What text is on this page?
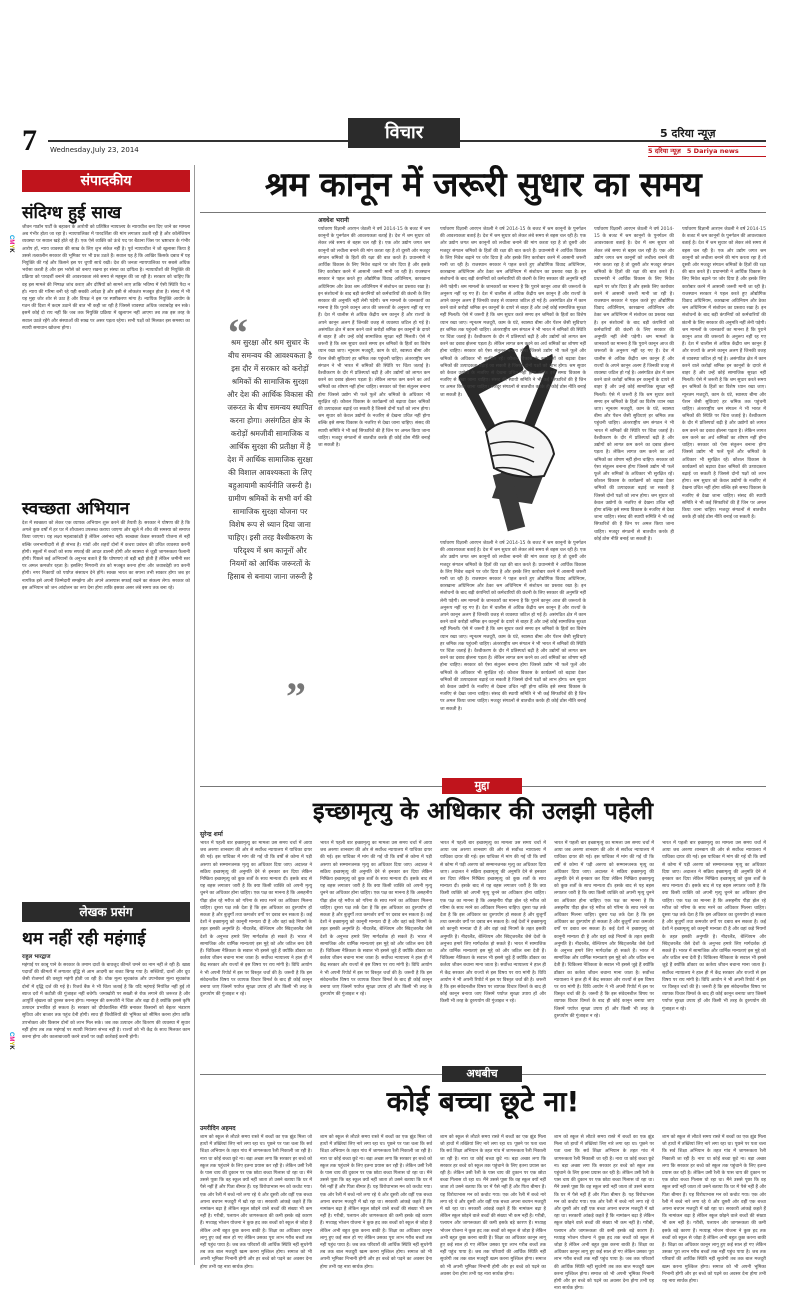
7 Wednesday,July 23, 2014
विचार	5 दरिया न्यूज़
5 दरिया न्यूज़ 5 Dariya news
संपादकीय
संदिग्ध हुई साख
जीवन गाडॉन पार्टी के बहाकर के आरोपी को प्रतिष्ठित न्यायालय के न्यायधीश बना दिए जाने का मामला अब गंभीर होता जा रहा है। न्यायपालिका में पारदर्शिता की मांग लगातार उठती रही है और कॉलेजियम व्यवस्था पर सवाल खड़े होते रहे हैं। एक ऐसे व्यक्ति को ऊंचे पद पर बैठाना जिस पर भ्रष्टाचार के गंभीर आरोप हों, न्याय व्यवस्था की साख के लिए शुभ संकेत नहीं है। पूर्व न्यायाधीश ने जो खुलासा किया है उससे तत्कालीन सरकार की भूमिका पर भी प्रश्न उठते हैं। सवाल यह है कि आखिर किसके दबाव में यह नियुक्ति की गई और किसने इस पर चुप्पी साधे रखी। देश की जनता न्यायपालिका पर सबसे अधिक भरोसा करती है और इस भरोसे को बनाए रखना हर संस्था का दायित्व है। न्यायाधीशों की नियुक्ति की प्रक्रिया को पारदर्शी बनाने की आवश्यकता लंबे समय से महसूस की जा रही है। सरकार को चाहिए कि वह इस मामले की निष्पक्ष जांच कराए और दोषियों को सामने लाए ताकि भविष्य में ऐसी स्थिति पैदा न हो। न्याय की गरिमा बनी रहे यही सबकी अपेक्षा है और इसी से लोकतंत्र मजबूत होता है। संसद में भी यह मुद्दा जोर शोर से उठा है और विपक्ष ने इस पर स्पष्टीकरण मांगा है। न्यायिक नियुक्ति आयोग के गठन की दिशा में कदम उठाने की बात भी कही जा रही है जिससे व्यवस्था अधिक जवाबदेह बन सके। इसमें कोई दो राय नहीं कि जब तक नियुक्ति प्रक्रिया में खुलापन नहीं आएगा तब तक इस तरह के सवाल उठते रहेंगे और संस्थाओं की साख पर असर पड़ता रहेगा। सभी पक्षों को मिलकर इस समस्या का स्थायी समाधान खोजना होगा।
स्वच्छता अभियान
देश में स्वच्छता को लेकर एक व्यापक अभियान शुरू करने की तैयारी है। सरकार ने घोषणा की है कि अगले कुछ वर्षों में हर घर में शौचालय उपलब्ध कराया जाएगा और खुले में शौच की समस्या को समाप्त किया जाएगा। यह लक्ष्य महत्वाकांक्षी है लेकिन असंभव नहीं। स्वच्छता केवल सरकारी योजना से नहीं बल्कि जनभागीदारी से ही संभव है। गांवों और शहरों दोनों में कचरा प्रबंधन की उचित व्यवस्था करनी होगी। स्कूलों में बच्चों को साफ सफाई की आदत डालनी होगी और स्वास्थ्य से जुड़ी जागरूकता फैलानी होगी। पिछले कई अभियानों के अनुभव बताते हैं कि घोषणाएं तो बड़ी बड़ी होती हैं लेकिन जमीनी स्तर पर अमल कमजोर रहता है। इसलिए निगरानी तंत्र को मजबूत करना होगा और जवाबदेही तय करनी होगी। नगर निकायों को पर्याप्त संसाधन देने होंगे। स्वच्छ भारत का सपना तभी साकार होगा जब हर नागरिक इसे अपनी जिम्मेदारी समझेगा और अपने आसपास सफाई रखने का संकल्प लेगा। सरकार को इस अभियान को जन आंदोलन का रूप देना होगा ताकि इसका असर लंबे समय तक बना रहे।
लेखक प्रसंग
थम नहीं रही महंगाई
राहुल भारद्वाज
महंगाई पर काबू पाने के सरकार के तमाम दावों के बावजूद कीमतें थमने का नाम नहीं ले रही हैं। खाद्य पदार्थों की कीमतों में लगातार वृद्धि से आम आदमी का बजट बिगड़ गया है। सब्जियों, दालों और दूध जैसी रोजमर्रा की वस्तुएं महंगी होती जा रही हैं। थोक मूल्य सूचकांक और उपभोक्ता मूल्य सूचकांक दोनों में वृद्धि दर्ज की गई है। रिजर्व बैंक ने भी चिंता जताई है कि यदि महंगाई नियंत्रित नहीं हुई तो ब्याज दरों में कटौती की गुंजाइश नहीं बचेगी। जमाखोरी पर सख्ती से रोक लगाने की जरूरत है और आपूर्ति श्रृंखला को दुरुस्त करना होगा। मानसून की कमजोरी ने चिंता और बढ़ा दी है क्योंकि इससे कृषि उत्पादन प्रभावित हो सकता है। सरकार को दीर्घकालिक नीति बनाकर किसानों को बेहतर भंडारण सुविधा और बाजार तक पहुंच देनी होगी। साथ ही बिचौलियों की भूमिका को सीमित करना होगा ताकि उपभोक्ता और किसान दोनों को लाभ मिल सके। जब तक उत्पादन और वितरण की व्यवस्था में सुधार नहीं होगा तब तक महंगाई पर स्थायी नियंत्रण संभव नहीं है। राज्यों को भी केंद्र के साथ मिलकर काम करना होगा और कालाबाजारी करने वालों पर कड़ी कार्रवाई करनी होगी।
CMYK
CMYK
श्रम कानून में जरूरी सुधार का समय
अवधेश भरानी
“
श्रम सुरक्षा और श्रम सुधार के बीच समन्वय की आवश्यकता है इस दौर में सरकार को करोड़ों श्रमिकों की सामाजिक सुरक्षा और देश की आर्थिक विकास की जरूरत के बीच समन्वय स्थापित करना होगा। असंगठित क्षेत्र के करोड़ों श्रमजीवी सामाजिक व आर्थिक सुरक्षा की प्रतीक्षा में है देश में आर्थिक सामाजिक सुरक्षा की विशाल आवश्यकता के लिए बहुआयामी कार्यनीति जरूरी है। ग्रामीण श्रमिकों के सभी वर्ग की सामाजिक सुरक्षा योजना पर विशेष रूप से ध्यान दिया जाना चाहिए। इसी तरह वैश्वीकरण के परिदृश्य में श्रम कानूनों और नियमों को आर्थिक जरूरतों के हिसाब से बनाया जाना जरूरी है
”
पर्यावरण विज्ञानी आरएन जेठली ने वर्ष 2014-15 के बजट में श्रम कानूनों के पुनर्गठन की आवश्यकता बताई है। देश में श्रम सुधार को लेकर लंबे समय से बहस चल रही है। एक ओर उद्योग जगत श्रम कानूनों को लचीला बनाने की मांग करता रहा है तो दूसरी ओर मजदूर संगठन श्रमिकों के हितों की रक्षा की बात करते हैं। प्रधानमंत्री ने आर्थिक विकास के लिए निवेश बढ़ाने पर जोर दिया है और इसके लिए कारोबार करने में आसानी जरूरी मानी जा रही है। राजस्थान सरकार ने पहल करते हुए औद्योगिक विवाद अधिनियम, कारखाना अधिनियम और ठेका श्रम अधिनियम में संशोधन का प्रस्ताव रखा है। इन संशोधनों के बाद बड़ी कंपनियों को कर्मचारियों की छंटनी के लिए सरकार की अनुमति नहीं लेनी पड़ेगी। श्रम मामलों के जानकारों का मानना है कि पुराने कानून आज की जरूरतों के अनुरूप नहीं रह गए हैं। देश में चालीस से अधिक केंद्रीय श्रम कानून हैं और राज्यों के अपने कानून अलग हैं जिनकी वजह से व्यवस्था जटिल हो गई है। असंगठित क्षेत्र में काम करने वाले करोड़ों श्रमिक इन कानूनों के दायरे से बाहर हैं और उन्हें कोई सामाजिक सुरक्षा नहीं मिलती। ऐसे में जरूरी है कि श्रम सुधार करते समय इन श्रमिकों के हितों का विशेष ध्यान रखा जाए। न्यूनतम मजदूरी, काम के घंटे, स्वास्थ्य बीमा और पेंशन जैसी सुविधाएं हर श्रमिक तक पहुंचनी चाहिए। अंतरराष्ट्रीय श्रम संगठन ने भी भारत में श्रमिकों की स्थिति पर चिंता जताई है। वैश्वीकरण के दौर में प्रतिस्पर्धा बढ़ी है और उद्योगों को लागत कम करने का दबाव झेलना पड़ता है। लेकिन लागत कम करने का अर्थ श्रमिकों का शोषण नहीं होना चाहिए। सरकार को ऐसा संतुलन बनाना होगा जिससे उद्योग भी फलें फूलें और श्रमिकों के अधिकार भी सुरक्षित रहें। कौशल विकास के कार्यक्रमों को बढ़ावा देकर श्रमिकों की उत्पादकता बढ़ाई जा सकती है जिससे दोनों पक्षों को लाभ होगा। श्रम सुधार को केवल उद्योगों के नजरिए से देखना उचित नहीं होगा बल्कि इसे समग्र विकास के नजरिए से देखा जाना चाहिए। संसद की स्थायी समिति ने भी कई सिफारिशें की हैं जिन पर अमल किया जाना चाहिए। मजदूर संगठनों से बातचीत करके ही कोई ठोस नीति बनाई जा सकती है।
पर्यावरण विज्ञानी आरएन जेठली ने वर्ष 2014-15 के बजट में श्रम कानूनों के पुनर्गठन की आवश्यकता बताई है। देश में श्रम सुधार को लेकर लंबे समय से बहस चल रही है। एक ओर उद्योग जगत श्रम कानूनों को लचीला बनाने की मांग करता रहा है तो दूसरी ओर मजदूर संगठन श्रमिकों के हितों की रक्षा की बात करते हैं। प्रधानमंत्री ने आर्थिक विकास के लिए निवेश बढ़ाने पर जोर दिया है और इसके लिए कारोबार करने में आसानी जरूरी मानी जा रही है। राजस्थान सरकार ने पहल करते हुए औद्योगिक विवाद अधिनियम, कारखाना अधिनियम और ठेका श्रम अधिनियम में संशोधन का प्रस्ताव रखा है। इन संशोधनों के बाद बड़ी कंपनियों को कर्मचारियों की छंटनी के लिए सरकार की अनुमति नहीं लेनी पड़ेगी। श्रम मामलों के जानकारों का मानना है कि पुराने कानून आज की जरूरतों के अनुरूप नहीं रह गए हैं। देश में चालीस से अधिक केंद्रीय श्रम कानून हैं और राज्यों के अपने कानून अलग हैं जिनकी वजह से व्यवस्था जटिल हो गई है। असंगठित क्षेत्र में काम करने वाले करोड़ों श्रमिक इन कानूनों के दायरे से बाहर हैं और उन्हें कोई सामाजिक सुरक्षा नहीं मिलती। ऐसे में जरूरी है कि श्रम सुधार करते समय इन श्रमिकों के हितों का विशेष ध्यान रखा जाए। न्यूनतम मजदूरी, काम के घंटे, स्वास्थ्य बीमा और पेंशन जैसी सुविधाएं हर श्रमिक तक पहुंचनी चाहिए। अंतरराष्ट्रीय श्रम संगठन ने भी भारत में श्रमिकों की स्थिति पर चिंता जताई है। वैश्वीकरण के दौर में प्रतिस्पर्धा बढ़ी है और उद्योगों को लागत कम करने का दबाव झेलना पड़ता है। लेकिन लागत कम करने का अर्थ श्रमिकों का शोषण नहीं होना चाहिए। सरकार को ऐसा संतुलन बनाना होगा जिससे उद्योग भी फलें फूलें और श्रमिकों के अधिकार भी सुरक्षित रहें। कौशल विकास के कार्यक्रमों को बढ़ावा देकर श्रमिकों की उत्पादकता बढ़ाई जा सकती है जिससे दोनों पक्षों को लाभ होगा। श्रम सुधार को केवल उद्योगों के नजरिए से देखना उचित नहीं होगा बल्कि इसे समग्र विकास के नजरिए से देखा जाना चाहिए। संसद की स्थायी समिति ने भी कई सिफारिशें की हैं जिन पर अमल किया जाना चाहिए। मजदूर संगठनों से बातचीत करके ही कोई ठोस नीति बनाई जा सकती है।
पर्यावरण विज्ञानी आरएन जेठली ने वर्ष 2014-15 के बजट में श्रम कानूनों के पुनर्गठन की आवश्यकता बताई है। देश में श्रम सुधार को लेकर लंबे समय से बहस चल रही है। एक ओर उद्योग जगत श्रम कानूनों को लचीला बनाने की मांग करता रहा है तो दूसरी ओर मजदूर संगठन श्रमिकों के हितों की रक्षा की बात करते हैं। प्रधानमंत्री ने आर्थिक विकास के लिए निवेश बढ़ाने पर जोर दिया है और इसके लिए कारोबार करने में आसानी जरूरी मानी जा रही है। राजस्थान सरकार ने पहल करते हुए औद्योगिक विवाद अधिनियम, कारखाना अधिनियम और ठेका श्रम अधिनियम में संशोधन का प्रस्ताव रखा है। इन संशोधनों के बाद बड़ी कंपनियों को कर्मचारियों की छंटनी के लिए सरकार की अनुमति नहीं लेनी पड़ेगी। श्रम मामलों के जानकारों का मानना है कि पुराने कानून आज की जरूरतों के अनुरूप नहीं रह गए हैं। देश में चालीस से अधिक केंद्रीय श्रम कानून हैं और राज्यों के अपने कानून अलग हैं जिनकी वजह से व्यवस्था जटिल हो गई है। असंगठित क्षेत्र में काम करने वाले करोड़ों श्रमिक इन कानूनों के दायरे से बाहर हैं और उन्हें कोई सामाजिक सुरक्षा नहीं मिलती। ऐसे में जरूरी है कि श्रम सुधार करते समय इन श्रमिकों के हितों का विशेष ध्यान रखा जाए। न्यूनतम मजदूरी, काम के घंटे, स्वास्थ्य बीमा और पेंशन जैसी सुविधाएं हर श्रमिक तक पहुंचनी चाहिए। अंतरराष्ट्रीय श्रम संगठन ने भी भारत में श्रमिकों की स्थिति पर चिंता जताई है। वैश्वीकरण के दौर में प्रतिस्पर्धा बढ़ी है और उद्योगों को लागत कम करने का दबाव झेलना पड़ता है। लेकिन लागत कम करने का अर्थ श्रमिकों का शोषण नहीं होना चाहिए। सरकार को ऐसा संतुलन बनाना होगा जिससे उद्योग भी फलें फूलें और श्रमिकों के अधिकार भी सुरक्षित रहें। कौशल विकास के कार्यक्रमों को बढ़ावा देकर श्रमिकों की उत्पादकता बढ़ाई जा सकती है जिससे दोनों पक्षों को लाभ होगा। श्रम सुधार को केवल उद्योगों के नजरिए से देखना उचित नहीं होगा बल्कि इसे समग्र विकास के नजरिए से देखा जाना चाहिए। संसद की स्थायी समिति ने भी कई सिफारिशें की हैं जिन पर अमल किया जाना चाहिए। मजदूर संगठनों से बातचीत करके ही कोई ठोस नीति बनाई जा सकती है।
पर्यावरण विज्ञानी आरएन जेठली ने वर्ष 2014-15 के बजट में श्रम कानूनों के पुनर्गठन की आवश्यकता बताई है। देश में श्रम सुधार को लेकर लंबे समय से बहस चल रही है। एक ओर उद्योग जगत श्रम कानूनों को लचीला बनाने की मांग करता रहा है तो दूसरी ओर मजदूर संगठन श्रमिकों के हितों की रक्षा की बात करते हैं। प्रधानमंत्री ने आर्थिक विकास के लिए निवेश बढ़ाने पर जोर दिया है और इसके लिए कारोबार करने में आसानी जरूरी मानी जा रही है। राजस्थान सरकार ने पहल करते हुए औद्योगिक विवाद अधिनियम, कारखाना अधिनियम और ठेका श्रम अधिनियम में संशोधन का प्रस्ताव रखा है। इन संशोधनों के बाद बड़ी कंपनियों को कर्मचारियों की छंटनी के लिए सरकार की अनुमति नहीं लेनी पड़ेगी। श्रम मामलों के जानकारों का मानना है कि पुराने कानून आज की जरूरतों के अनुरूप नहीं रह गए हैं। देश में चालीस से अधिक केंद्रीय श्रम कानून हैं और राज्यों के अपने कानून अलग हैं जिनकी वजह से व्यवस्था जटिल हो गई है। असंगठित क्षेत्र में काम करने वाले करोड़ों श्रमिक इन कानूनों के दायरे से बाहर हैं और उन्हें कोई सामाजिक सुरक्षा नहीं मिलती। ऐसे में जरूरी है कि श्रम सुधार करते समय इन श्रमिकों के हितों का विशेष ध्यान रखा जाए। न्यूनतम मजदूरी, काम के घंटे, स्वास्थ्य बीमा और पेंशन जैसी सुविधाएं हर श्रमिक तक पहुंचनी चाहिए। अंतरराष्ट्रीय श्रम संगठन ने भी भारत में श्रमिकों की स्थिति पर चिंता जताई है। वैश्वीकरण के दौर में प्रतिस्पर्धा बढ़ी है और उद्योगों को लागत कम करने का दबाव झेलना पड़ता है। लेकिन लागत कम करने का अर्थ श्रमिकों का शोषण नहीं होना चाहिए। सरकार को ऐसा संतुलन बनाना होगा जिससे उद्योग भी फलें फूलें और श्रमिकों के अधिकार भी सुरक्षित रहें। कौशल विकास के कार्यक्रमों को बढ़ावा देकर श्रमिकों की उत्पादकता बढ़ाई जा सकती है जिससे दोनों पक्षों को लाभ होगा। श्रम सुधार को केवल उद्योगों के नजरिए से देखना उचित नहीं होगा बल्कि इसे समग्र विकास के नजरिए से देखा जाना चाहिए। संसद की स्थायी समिति ने भी कई सिफारिशें की हैं जिन पर अमल किया जाना चाहिए। मजदूर संगठनों से बातचीत करके ही कोई ठोस नीति बनाई जा सकती है।
पर्यावरण विज्ञानी आरएन जेठली ने वर्ष 2014-15 के बजट में श्रम कानूनों के पुनर्गठन की आवश्यकता बताई है। देश में श्रम सुधार को लेकर लंबे समय से बहस चल रही है। एक ओर उद्योग जगत श्रम कानूनों को लचीला बनाने की मांग करता रहा है तो दूसरी ओर मजदूर संगठन श्रमिकों के हितों की रक्षा की बात करते हैं। प्रधानमंत्री ने आर्थिक विकास के लिए निवेश बढ़ाने पर जोर दिया है और इसके लिए कारोबार करने में आसानी जरूरी मानी जा रही है। राजस्थान सरकार ने पहल करते हुए औद्योगिक विवाद अधिनियम, कारखाना अधिनियम और ठेका श्रम अधिनियम में संशोधन का प्रस्ताव रखा है। इन संशोधनों के बाद बड़ी कंपनियों को कर्मचारियों की छंटनी के लिए सरकार की अनुमति नहीं लेनी पड़ेगी। श्रम मामलों के जानकारों का मानना है कि पुराने कानून आज की जरूरतों के अनुरूप नहीं रह गए हैं। देश में चालीस से अधिक केंद्रीय श्रम कानून हैं और राज्यों के अपने कानून अलग हैं जिनकी वजह से व्यवस्था जटिल हो गई है। असंगठित क्षेत्र में काम करने वाले करोड़ों श्रमिक इन कानूनों के दायरे से बाहर हैं और उन्हें कोई सामाजिक सुरक्षा नहीं मिलती। ऐसे में जरूरी है कि श्रम सुधार करते समय इन श्रमिकों के हितों का विशेष ध्यान रखा जाए। न्यूनतम मजदूरी, काम के घंटे, स्वास्थ्य बीमा और पेंशन जैसी सुविधाएं हर श्रमिक तक पहुंचनी चाहिए। अंतरराष्ट्रीय श्रम संगठन ने भी भारत में श्रमिकों की स्थिति पर चिंता जताई है। वैश्वीकरण के दौर में प्रतिस्पर्धा बढ़ी है और उद्योगों को लागत कम करने का दबाव झेलना पड़ता है। लेकिन लागत कम करने का अर्थ श्रमिकों का शोषण नहीं होना चाहिए। सरकार को ऐसा संतुलन बनाना होगा जिससे उद्योग भी फलें फूलें और श्रमिकों के अधिकार भी सुरक्षित रहें। कौशल विकास के कार्यक्रमों को बढ़ावा देकर श्रमिकों की उत्पादकता बढ़ाई जा सकती है जिससे दोनों पक्षों को लाभ होगा। श्रम सुधार को केवल उद्योगों के नजरिए से देखना उचित नहीं होगा बल्कि इसे समग्र विकास के नजरिए से देखा जाना चाहिए। संसद की स्थायी समिति ने भी कई सिफारिशें की हैं जिन पर अमल किया जाना चाहिए। मजदूर संगठनों से बातचीत करके ही कोई ठोस नीति बनाई जा सकती है।
मुद्दा
इच्छामृत्यु के अधिकार की उलझी पहेली
सुरेन्द्र शर्मा
भारत में पहली बार इच्छामृत्यु का मामला उस समय चर्चा में आया जब अरुणा शानबाग की ओर से सर्वोच्च न्यायालय में याचिका दायर की गई। इस याचिका में मांग की गई थी कि वर्षों से कोमा में पड़ी अरुणा को सम्मानजनक मृत्यु का अधिकार दिया जाए। अदालत ने सक्रिय इच्छामृत्यु की अनुमति देने से इनकार कर दिया लेकिन निष्क्रिय इच्छामृत्यु को कुछ शर्तों के साथ मान्यता दी। इसके बाद से यह बहस लगातार जारी है कि क्या किसी व्यक्ति को अपनी मृत्यु चुनने का अधिकार होना चाहिए। एक पक्ष का मानना है कि असहनीय पीड़ा झेल रहे मरीज को गरिमा के साथ मरने का अधिकार मिलना चाहिए। दूसरा पक्ष तर्क देता है कि इस अधिकार का दुरुपयोग हो सकता है और बुजुर्गों तथा कमजोर वर्गों पर दबाव बन सकता है। कई देशों ने इच्छामृत्यु को कानूनी मान्यता दी है और वहां कड़े नियमों के तहत इसकी अनुमति है। नीदरलैंड, बेल्जियम और स्विट्जरलैंड जैसे देशों के अनुभव हमारे लिए मार्गदर्शक हो सकते हैं। भारत में सामाजिक और धार्मिक मान्यताएं इस मुद्दे को और जटिल बना देती हैं। चिकित्सा नैतिकता के सवाल भी इससे जुड़े हैं क्योंकि डॉक्टर का कर्तव्य जीवन बचाना माना जाता है। सर्वोच्च न्यायालय ने हाल ही में केंद्र सरकार और राज्यों से इस विषय पर राय मांगी है। विधि आयोग ने भी अपनी रिपोर्ट में इस पर विस्तृत चर्चा की है। जरूरी है कि इस संवेदनशील विषय पर व्यापक विचार विमर्श के बाद ही कोई कानून बनाया जाए जिसमें पर्याप्त सुरक्षा उपाय हों और किसी भी तरह के दुरुपयोग की गुंजाइश न रहे।
भारत में पहली बार इच्छामृत्यु का मामला उस समय चर्चा में आया जब अरुणा शानबाग की ओर से सर्वोच्च न्यायालय में याचिका दायर की गई। इस याचिका में मांग की गई थी कि वर्षों से कोमा में पड़ी अरुणा को सम्मानजनक मृत्यु का अधिकार दिया जाए। अदालत ने सक्रिय इच्छामृत्यु की अनुमति देने से इनकार कर दिया लेकिन निष्क्रिय इच्छामृत्यु को कुछ शर्तों के साथ मान्यता दी। इसके बाद से यह बहस लगातार जारी है कि क्या किसी व्यक्ति को अपनी मृत्यु चुनने का अधिकार होना चाहिए। एक पक्ष का मानना है कि असहनीय पीड़ा झेल रहे मरीज को गरिमा के साथ मरने का अधिकार मिलना चाहिए। दूसरा पक्ष तर्क देता है कि इस अधिकार का दुरुपयोग हो सकता है और बुजुर्गों तथा कमजोर वर्गों पर दबाव बन सकता है। कई देशों ने इच्छामृत्यु को कानूनी मान्यता दी है और वहां कड़े नियमों के तहत इसकी अनुमति है। नीदरलैंड, बेल्जियम और स्विट्जरलैंड जैसे देशों के अनुभव हमारे लिए मार्गदर्शक हो सकते हैं। भारत में सामाजिक और धार्मिक मान्यताएं इस मुद्दे को और जटिल बना देती हैं। चिकित्सा नैतिकता के सवाल भी इससे जुड़े हैं क्योंकि डॉक्टर का कर्तव्य जीवन बचाना माना जाता है। सर्वोच्च न्यायालय ने हाल ही में केंद्र सरकार और राज्यों से इस विषय पर राय मांगी है। विधि आयोग ने भी अपनी रिपोर्ट में इस पर विस्तृत चर्चा की है। जरूरी है कि इस संवेदनशील विषय पर व्यापक विचार विमर्श के बाद ही कोई कानून बनाया जाए जिसमें पर्याप्त सुरक्षा उपाय हों और किसी भी तरह के दुरुपयोग की गुंजाइश न रहे।
भारत में पहली बार इच्छामृत्यु का मामला उस समय चर्चा में आया जब अरुणा शानबाग की ओर से सर्वोच्च न्यायालय में याचिका दायर की गई। इस याचिका में मांग की गई थी कि वर्षों से कोमा में पड़ी अरुणा को सम्मानजनक मृत्यु का अधिकार दिया जाए। अदालत ने सक्रिय इच्छामृत्यु की अनुमति देने से इनकार कर दिया लेकिन निष्क्रिय इच्छामृत्यु को कुछ शर्तों के साथ मान्यता दी। इसके बाद से यह बहस लगातार जारी है कि क्या किसी व्यक्ति को अपनी मृत्यु चुनने का अधिकार होना चाहिए। एक पक्ष का मानना है कि असहनीय पीड़ा झेल रहे मरीज को गरिमा के साथ मरने का अधिकार मिलना चाहिए। दूसरा पक्ष तर्क देता है कि इस अधिकार का दुरुपयोग हो सकता है और बुजुर्गों तथा कमजोर वर्गों पर दबाव बन सकता है। कई देशों ने इच्छामृत्यु को कानूनी मान्यता दी है और वहां कड़े नियमों के तहत इसकी अनुमति है। नीदरलैंड, बेल्जियम और स्विट्जरलैंड जैसे देशों के अनुभव हमारे लिए मार्गदर्शक हो सकते हैं। भारत में सामाजिक और धार्मिक मान्यताएं इस मुद्दे को और जटिल बना देती हैं। चिकित्सा नैतिकता के सवाल भी इससे जुड़े हैं क्योंकि डॉक्टर का कर्तव्य जीवन बचाना माना जाता है। सर्वोच्च न्यायालय ने हाल ही में केंद्र सरकार और राज्यों से इस विषय पर राय मांगी है। विधि आयोग ने भी अपनी रिपोर्ट में इस पर विस्तृत चर्चा की है। जरूरी है कि इस संवेदनशील विषय पर व्यापक विचार विमर्श के बाद ही कोई कानून बनाया जाए जिसमें पर्याप्त सुरक्षा उपाय हों और किसी भी तरह के दुरुपयोग की गुंजाइश न रहे।
भारत में पहली बार इच्छामृत्यु का मामला उस समय चर्चा में आया जब अरुणा शानबाग की ओर से सर्वोच्च न्यायालय में याचिका दायर की गई। इस याचिका में मांग की गई थी कि वर्षों से कोमा में पड़ी अरुणा को सम्मानजनक मृत्यु का अधिकार दिया जाए। अदालत ने सक्रिय इच्छामृत्यु की अनुमति देने से इनकार कर दिया लेकिन निष्क्रिय इच्छामृत्यु को कुछ शर्तों के साथ मान्यता दी। इसके बाद से यह बहस लगातार जारी है कि क्या किसी व्यक्ति को अपनी मृत्यु चुनने का अधिकार होना चाहिए। एक पक्ष का मानना है कि असहनीय पीड़ा झेल रहे मरीज को गरिमा के साथ मरने का अधिकार मिलना चाहिए। दूसरा पक्ष तर्क देता है कि इस अधिकार का दुरुपयोग हो सकता है और बुजुर्गों तथा कमजोर वर्गों पर दबाव बन सकता है। कई देशों ने इच्छामृत्यु को कानूनी मान्यता दी है और वहां कड़े नियमों के तहत इसकी अनुमति है। नीदरलैंड, बेल्जियम और स्विट्जरलैंड जैसे देशों के अनुभव हमारे लिए मार्गदर्शक हो सकते हैं। भारत में सामाजिक और धार्मिक मान्यताएं इस मुद्दे को और जटिल बना देती हैं। चिकित्सा नैतिकता के सवाल भी इससे जुड़े हैं क्योंकि डॉक्टर का कर्तव्य जीवन बचाना माना जाता है। सर्वोच्च न्यायालय ने हाल ही में केंद्र सरकार और राज्यों से इस विषय पर राय मांगी है। विधि आयोग ने भी अपनी रिपोर्ट में इस पर विस्तृत चर्चा की है। जरूरी है कि इस संवेदनशील विषय पर व्यापक विचार विमर्श के बाद ही कोई कानून बनाया जाए जिसमें पर्याप्त सुरक्षा उपाय हों और किसी भी तरह के दुरुपयोग की गुंजाइश न रहे।
भारत में पहली बार इच्छामृत्यु का मामला उस समय चर्चा में आया जब अरुणा शानबाग की ओर से सर्वोच्च न्यायालय में याचिका दायर की गई। इस याचिका में मांग की गई थी कि वर्षों से कोमा में पड़ी अरुणा को सम्मानजनक मृत्यु का अधिकार दिया जाए। अदालत ने सक्रिय इच्छामृत्यु की अनुमति देने से इनकार कर दिया लेकिन निष्क्रिय इच्छामृत्यु को कुछ शर्तों के साथ मान्यता दी। इसके बाद से यह बहस लगातार जारी है कि क्या किसी व्यक्ति को अपनी मृत्यु चुनने का अधिकार होना चाहिए। एक पक्ष का मानना है कि असहनीय पीड़ा झेल रहे मरीज को गरिमा के साथ मरने का अधिकार मिलना चाहिए। दूसरा पक्ष तर्क देता है कि इस अधिकार का दुरुपयोग हो सकता है और बुजुर्गों तथा कमजोर वर्गों पर दबाव बन सकता है। कई देशों ने इच्छामृत्यु को कानूनी मान्यता दी है और वहां कड़े नियमों के तहत इसकी अनुमति है। नीदरलैंड, बेल्जियम और स्विट्जरलैंड जैसे देशों के अनुभव हमारे लिए मार्गदर्शक हो सकते हैं। भारत में सामाजिक और धार्मिक मान्यताएं इस मुद्दे को और जटिल बना देती हैं। चिकित्सा नैतिकता के सवाल भी इससे जुड़े हैं क्योंकि डॉक्टर का कर्तव्य जीवन बचाना माना जाता है। सर्वोच्च न्यायालय ने हाल ही में केंद्र सरकार और राज्यों से इस विषय पर राय मांगी है। विधि आयोग ने भी अपनी रिपोर्ट में इस पर विस्तृत चर्चा की है। जरूरी है कि इस संवेदनशील विषय पर व्यापक विचार विमर्श के बाद ही कोई कानून बनाया जाए जिसमें पर्याप्त सुरक्षा उपाय हों और किसी भी तरह के दुरुपयोग की गुंजाइश न रहे।
अधबीच
कोई बच्चा छूटे ना!
उमरीदिन अहमद
शाम को स्कूल से लौटते समय रास्ते में बच्चों का एक झुंड मिला जो हाथों में तख्तियां लिए नारे लगा रहा था। पूछने पर पता चला कि सर्व शिक्षा अभियान के तहत गांव में जागरूकता रैली निकाली जा रही है। नारा था कोई बच्चा छूटे ना। बड़ा अच्छा लगा कि सरकार हर बच्चे को स्कूल तक पहुंचाने के लिए इतना प्रयास कर रही है। लेकिन उसी रैली के पास चाय की दुकान पर एक छोटा बच्चा गिलास धो रहा था। मैंने उससे पूछा कि वह स्कूल क्यों नहीं जाता तो उसने बताया कि घर में पैसे नहीं हैं और पिता बीमार हैं। यह विरोधाभास मन को कचोट गया। एक ओर रैली में बच्चे नारे लगा रहे थे और दूसरी ओर वहीं एक बच्चा अपना बचपन मजदूरी में खो रहा था। सरकारी आंकड़े कहते हैं कि नामांकन बढ़ा है लेकिन स्कूल छोड़ने वाले बच्चों की संख्या भी कम नहीं है। गरीबी, पलायन और जागरूकता की कमी इसके बड़े कारण हैं। मध्याह्न भोजन योजना ने कुछ हद तक बच्चों को स्कूल से जोड़ा है लेकिन अभी बहुत कुछ करना बाकी है। शिक्षा का अधिकार कानून लागू हुए कई साल हो गए लेकिन उसका पूरा लाभ गरीब बच्चों तक नहीं पहुंच पाया है। जब तक परिवारों की आर्थिक स्थिति नहीं सुधरेगी तब तक बाल मजदूरी खत्म करना मुश्किल होगा। समाज को भी अपनी भूमिका निभानी होगी और हर बच्चे को पढ़ने का अवसर देना होगा तभी यह नारा सार्थक होगा।
शाम को स्कूल से लौटते समय रास्ते में बच्चों का एक झुंड मिला जो हाथों में तख्तियां लिए नारे लगा रहा था। पूछने पर पता चला कि सर्व शिक्षा अभियान के तहत गांव में जागरूकता रैली निकाली जा रही है। नारा था कोई बच्चा छूटे ना। बड़ा अच्छा लगा कि सरकार हर बच्चे को स्कूल तक पहुंचाने के लिए इतना प्रयास कर रही है। लेकिन उसी रैली के पास चाय की दुकान पर एक छोटा बच्चा गिलास धो रहा था। मैंने उससे पूछा कि वह स्कूल क्यों नहीं जाता तो उसने बताया कि घर में पैसे नहीं हैं और पिता बीमार हैं। यह विरोधाभास मन को कचोट गया। एक ओर रैली में बच्चे नारे लगा रहे थे और दूसरी ओर वहीं एक बच्चा अपना बचपन मजदूरी में खो रहा था। सरकारी आंकड़े कहते हैं कि नामांकन बढ़ा है लेकिन स्कूल छोड़ने वाले बच्चों की संख्या भी कम नहीं है। गरीबी, पलायन और जागरूकता की कमी इसके बड़े कारण हैं। मध्याह्न भोजन योजना ने कुछ हद तक बच्चों को स्कूल से जोड़ा है लेकिन अभी बहुत कुछ करना बाकी है। शिक्षा का अधिकार कानून लागू हुए कई साल हो गए लेकिन उसका पूरा लाभ गरीब बच्चों तक नहीं पहुंच पाया है। जब तक परिवारों की आर्थिक स्थिति नहीं सुधरेगी तब तक बाल मजदूरी खत्म करना मुश्किल होगा। समाज को भी अपनी भूमिका निभानी होगी और हर बच्चे को पढ़ने का अवसर देना होगा तभी यह नारा सार्थक होगा।
शाम को स्कूल से लौटते समय रास्ते में बच्चों का एक झुंड मिला जो हाथों में तख्तियां लिए नारे लगा रहा था। पूछने पर पता चला कि सर्व शिक्षा अभियान के तहत गांव में जागरूकता रैली निकाली जा रही है। नारा था कोई बच्चा छूटे ना। बड़ा अच्छा लगा कि सरकार हर बच्चे को स्कूल तक पहुंचाने के लिए इतना प्रयास कर रही है। लेकिन उसी रैली के पास चाय की दुकान पर एक छोटा बच्चा गिलास धो रहा था। मैंने उससे पूछा कि वह स्कूल क्यों नहीं जाता तो उसने बताया कि घर में पैसे नहीं हैं और पिता बीमार हैं। यह विरोधाभास मन को कचोट गया। एक ओर रैली में बच्चे नारे लगा रहे थे और दूसरी ओर वहीं एक बच्चा अपना बचपन मजदूरी में खो रहा था। सरकारी आंकड़े कहते हैं कि नामांकन बढ़ा है लेकिन स्कूल छोड़ने वाले बच्चों की संख्या भी कम नहीं है। गरीबी, पलायन और जागरूकता की कमी इसके बड़े कारण हैं। मध्याह्न भोजन योजना ने कुछ हद तक बच्चों को स्कूल से जोड़ा है लेकिन अभी बहुत कुछ करना बाकी है। शिक्षा का अधिकार कानून लागू हुए कई साल हो गए लेकिन उसका पूरा लाभ गरीब बच्चों तक नहीं पहुंच पाया है। जब तक परिवारों की आर्थिक स्थिति नहीं सुधरेगी तब तक बाल मजदूरी खत्म करना मुश्किल होगा। समाज को भी अपनी भूमिका निभानी होगी और हर बच्चे को पढ़ने का अवसर देना होगा तभी यह नारा सार्थक होगा।
शाम को स्कूल से लौटते समय रास्ते में बच्चों का एक झुंड मिला जो हाथों में तख्तियां लिए नारे लगा रहा था। पूछने पर पता चला कि सर्व शिक्षा अभियान के तहत गांव में जागरूकता रैली निकाली जा रही है। नारा था कोई बच्चा छूटे ना। बड़ा अच्छा लगा कि सरकार हर बच्चे को स्कूल तक पहुंचाने के लिए इतना प्रयास कर रही है। लेकिन उसी रैली के पास चाय की दुकान पर एक छोटा बच्चा गिलास धो रहा था। मैंने उससे पूछा कि वह स्कूल क्यों नहीं जाता तो उसने बताया कि घर में पैसे नहीं हैं और पिता बीमार हैं। यह विरोधाभास मन को कचोट गया। एक ओर रैली में बच्चे नारे लगा रहे थे और दूसरी ओर वहीं एक बच्चा अपना बचपन मजदूरी में खो रहा था। सरकारी आंकड़े कहते हैं कि नामांकन बढ़ा है लेकिन स्कूल छोड़ने वाले बच्चों की संख्या भी कम नहीं है। गरीबी, पलायन और जागरूकता की कमी इसके बड़े कारण हैं। मध्याह्न भोजन योजना ने कुछ हद तक बच्चों को स्कूल से जोड़ा है लेकिन अभी बहुत कुछ करना बाकी है। शिक्षा का अधिकार कानून लागू हुए कई साल हो गए लेकिन उसका पूरा लाभ गरीब बच्चों तक नहीं पहुंच पाया है। जब तक परिवारों की आर्थिक स्थिति नहीं सुधरेगी तब तक बाल मजदूरी खत्म करना मुश्किल होगा। समाज को भी अपनी भूमिका निभानी होगी और हर बच्चे को पढ़ने का अवसर देना होगा तभी यह नारा सार्थक होगा।
शाम को स्कूल से लौटते समय रास्ते में बच्चों का एक झुंड मिला जो हाथों में तख्तियां लिए नारे लगा रहा था। पूछने पर पता चला कि सर्व शिक्षा अभियान के तहत गांव में जागरूकता रैली निकाली जा रही है। नारा था कोई बच्चा छूटे ना। बड़ा अच्छा लगा कि सरकार हर बच्चे को स्कूल तक पहुंचाने के लिए इतना प्रयास कर रही है। लेकिन उसी रैली के पास चाय की दुकान पर एक छोटा बच्चा गिलास धो रहा था। मैंने उससे पूछा कि वह स्कूल क्यों नहीं जाता तो उसने बताया कि घर में पैसे नहीं हैं और पिता बीमार हैं। यह विरोधाभास मन को कचोट गया। एक ओर रैली में बच्चे नारे लगा रहे थे और दूसरी ओर वहीं एक बच्चा अपना बचपन मजदूरी में खो रहा था। सरकारी आंकड़े कहते हैं कि नामांकन बढ़ा है लेकिन स्कूल छोड़ने वाले बच्चों की संख्या भी कम नहीं है। गरीबी, पलायन और जागरूकता की कमी इसके बड़े कारण हैं। मध्याह्न भोजन योजना ने कुछ हद तक बच्चों को स्कूल से जोड़ा है लेकिन अभी बहुत कुछ करना बाकी है। शिक्षा का अधिकार कानून लागू हुए कई साल हो गए लेकिन उसका पूरा लाभ गरीब बच्चों तक नहीं पहुंच पाया है। जब तक परिवारों की आर्थिक स्थिति नहीं सुधरेगी तब तक बाल मजदूरी खत्म करना मुश्किल होगा। समाज को भी अपनी भूमिका निभानी होगी और हर बच्चे को पढ़ने का अवसर देना होगा तभी यह नारा सार्थक होगा।
